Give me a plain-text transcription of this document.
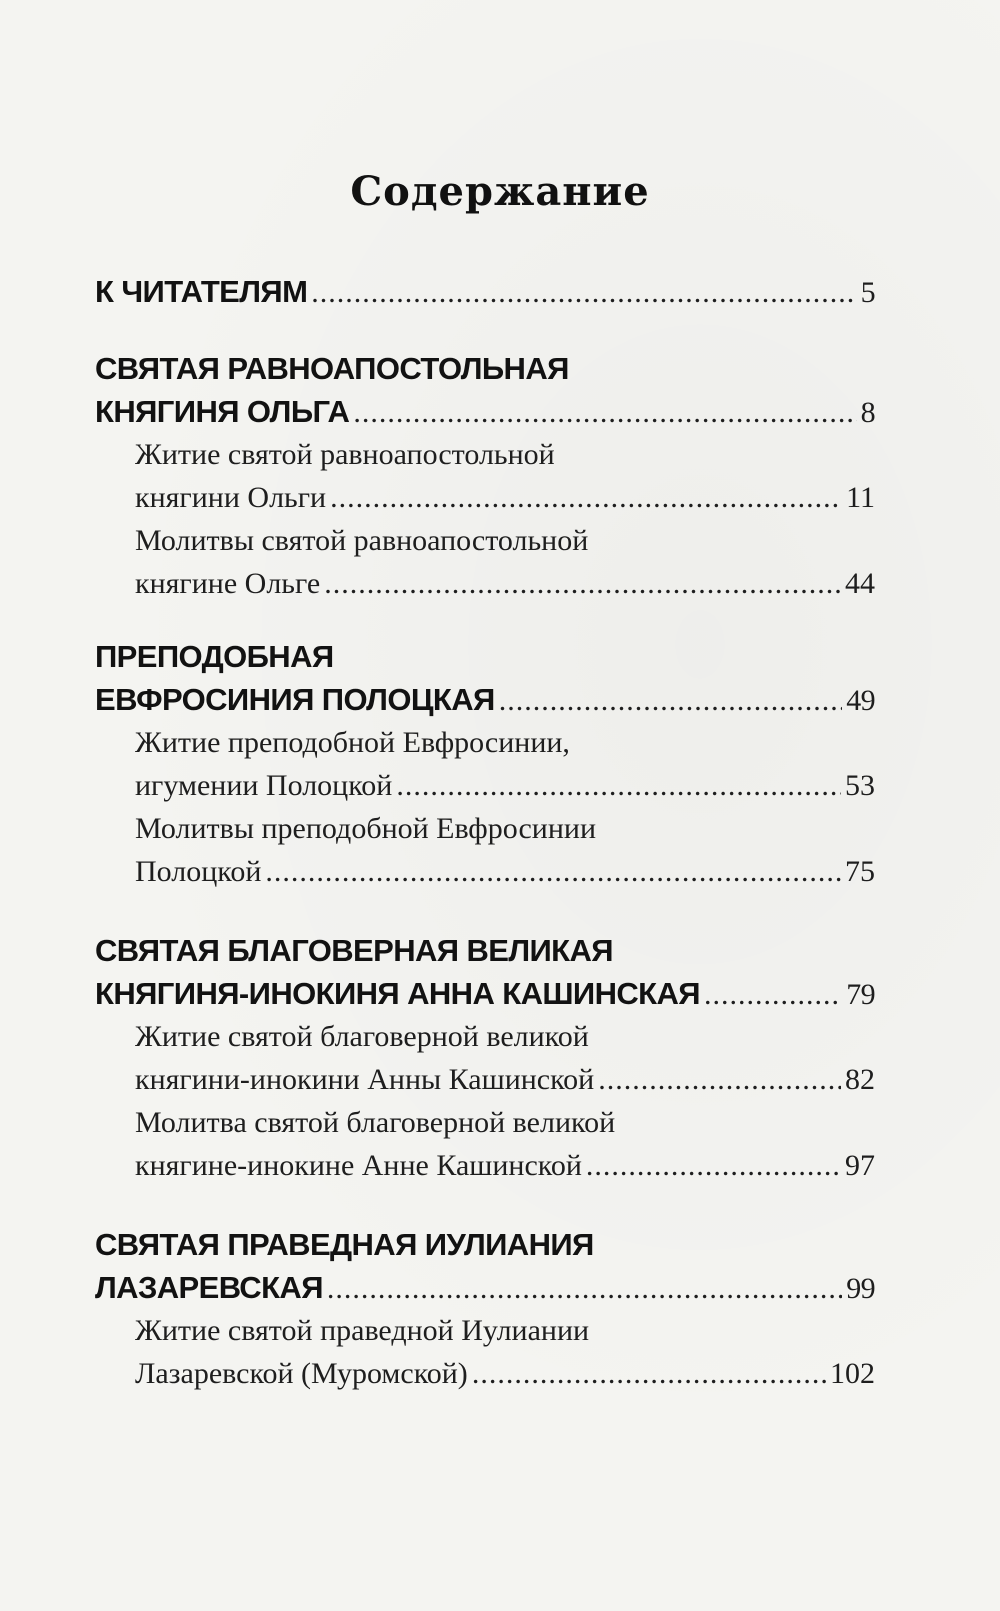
Содержание
К ЧИТАТЕЛЯМ .....	5
СВЯТАЯ РАВНОАПОСТОЛЬНАЯ
КНЯГИНЯ ОЛЬГА .....	8
Житие святой равноапостольной
княгини Ольги .....	11
Молитвы святой равноапостольной
княгине Ольге .....	44
ПРЕПОДОБНАЯ
ЕВФРОСИНИЯ ПОЛОЦКАЯ .....	49
Житие преподобной Евфросинии,
игумении Полоцкой .....	53
Молитвы преподобной Евфросинии
Полоцкой .....	75
СВЯТАЯ БЛАГОВЕРНАЯ ВЕЛИКАЯ
КНЯГИНЯ-ИНОКИНЯ АННА КАШИНСКАЯ .....	79
Житие святой благоверной великой
княгини-инокини Анны Кашинской .....	82
Молитва святой благоверной великой
княгине-инокине Анне Кашинской .....	97
СВЯТАЯ ПРАВЕДНАЯ ИУЛИАНИЯ
ЛАЗАРЕВСКАЯ .....	99
Житие святой праведной Иулиании
Лазаревской (Муромской) .....	102
